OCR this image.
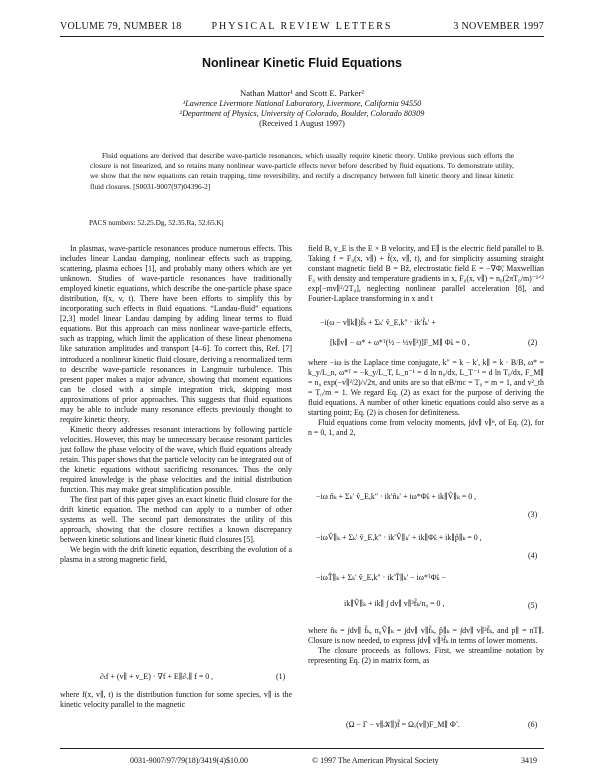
VOLUME 79, NUMBER 18	PHYSICAL REVIEW LETTERS	3 NOVEMBER 1997
Nonlinear Kinetic Fluid Equations
Nathan Mattor¹ and Scott E. Parker²
¹Lawrence Livermore National Laboratory, Livermore, California 94550
²Department of Physics, University of Colorado, Boulder, Colorado 80309
(Received 1 August 1997)
Fluid equations are derived that describe wave-particle resonances, which usually require kinetic theory. Unlike previous such efforts the closure is not linearized, and so retains many nonlinear wave-particle effects never before described by fluid equations. To demonstrate utility, we show that the new equations can retain trapping, time reversibility, and rectify a discrepancy between full kinetic theory and linear kinetic fluid closures. [S0031-9007(97)04396-2]
PACS numbers: 52.25.Dg, 52.35.Ra, 52.65.Kj

In plasmas, wave-particle resonances produce numerous effects. This includes linear Landau damping, nonlinear effects such as trapping, scattering, plasma echoes [1], and probably many others which are yet unknown. Studies of wave-particle resonances have traditionally employed kinetic equations, which describe the one-particle phase space distribution, f(x, v, t). There have been efforts to simplify this by incorporating such effects in fluid equations. “Landau-fluid” equations [2,3] model linear Landau damping by adding linear terms to fluid equations. But this approach can miss nonlinear wave-particle effects, such as trapping, which limit the application of these linear phenomena like saturation amplitudes and transport [4–6]. To correct this, Ref. [7] introduced a nonlinear kinetic fluid closure, deriving a renormalized term to describe wave-particle resonances in Langmuir turbulence. This present paper makes a major advance, showing that moment equations can be closed with a simple integration trick, skipping most approximations of prior approaches. This suggests that fluid equations may be able to include many resonance effects previously thought to require kinetic theory.

Kinetic theory addresses resonant interactions by following particle velocities. However, this may be unnecessary because resonant particles just follow the phase velocity of the wave, which fluid equations already retain. This paper shows that the particle velocity can be integrated out of the kinetic equations without sacrificing resonances. Thus the only required knowledge is the phase velocities and the initial distribution function. This may make great simplification possible.

The first part of this paper gives an exact kinetic fluid closure for the drift kinetic equation. The method can apply to a number of other systems as well. The second part demonstrates the utility of this approach, showing that the closure rectifies a known discrepancy between kinetic solutions and linear kinetic fluid closures [5].

We begin with the drift kinetic equation, describing the evolution of a plasma in a strong magnetic field,

∂ₜf + (v∥ + v_E) · ∇f + E∥∂ᵥ∥ f = 0 ,	(1)

where f(x, v∥, t) is the distribution function for some species, v∥ is the kinetic velocity parallel to the magnetic

field B, v_E is the E × B velocity, and E∥ is the electric field parallel to B. Taking f = F₀(x, v∥) + f̃(x, v∥, t), and for simplicity assuming straight constant magnetic field B = Bẑ, electrostatic field E = −∇Φ̃, Maxwellian F₀ with density and temperature gradients in x, F₀(x, v∥) = n₀(2πT₀/m)⁻¹ᐟ² exp[−mv∥²/2T₀], neglecting nonlinear parallel acceleration [8], and Fourier-Laplace transforming in x and t

−i(ω − v∥k∥)f̃ₖ + Σₖ′ v̂_E,k″ · ik′f̃ₖ′ +
[k∥v∥ − ω* + ω*ᵀ(½ − ½v∥²)]F_M∥ Φ̃ₖ = 0 ,	(2)

where −iω is the Laplace time conjugate, k″ = k − k′, k∥ = k · B/B, ω* = k_y/L_n, ω*ᵀ = −k_y/L_T, L_n⁻¹ = d ln n₀/dx, L_T⁻¹ = d ln T₀/dx, F_M∥ = n₀ exp(−v∥²/2)/√2π, and units are so that eB/mc = T₀ = m = 1, and v²_th = T₀/m = 1. We regard Eq. (2) as exact for the purpose of deriving the fluid equations. A number of other kinetic equations could also serve as a starting point; Eq. (2) is chosen for definiteness.

Fluid equations come from velocity moments, ∫dv∥ v∥ⁿ, of Eq. (2), for n = 0, 1, and 2,

−iω n̂ₖ + Σₖ′ v̂_E,k″ · ik′n̂ₖ′ + iω*Φ̃ₖ + ik∥V̂∥ₖ = 0 ,
(3)
−iωV̂∥ₖ + Σₖ′ v̂_E,k″ · ik′V̂∥ₖ′ + ik∥Φ̃ₖ + ik∥p̂∥ₖ = 0 ,
(4)
−iωT̂∥ₖ + Σₖ′ v̂_E,k″ · ik′T̂∥ₖ′ − iω*ᵀΦ̃ₖ −
ik∥V̂∥ₖ + ik∥ ∫ dv∥ v∥³f̃ₖ/n₀ = 0 ,	(5)

where n̂ₖ = ∫dv∥ f̃ₖ, n₀V̂∥ₖ = ∫dv∥ v∥f̃ₖ, p̂∥ₖ = ∫dv∥ v∥²f̃ₖ, and p∥ = nT∥. Closure is now needed, to express ∫dv∥ v∥³f̃ₖ in terms of lower moments.

The closure proceeds as follows. First, we streamline notation by representing Eq. (2) in matrix form, as

(Ω − Γ − v∥𝒦∥)f̃ = Ωₓ(v∥)F_M∥ Φ̃ .	(6)
0031-9007/97/79(18)/3419(4)$10.00	© 1997 The American Physical Society	3419
